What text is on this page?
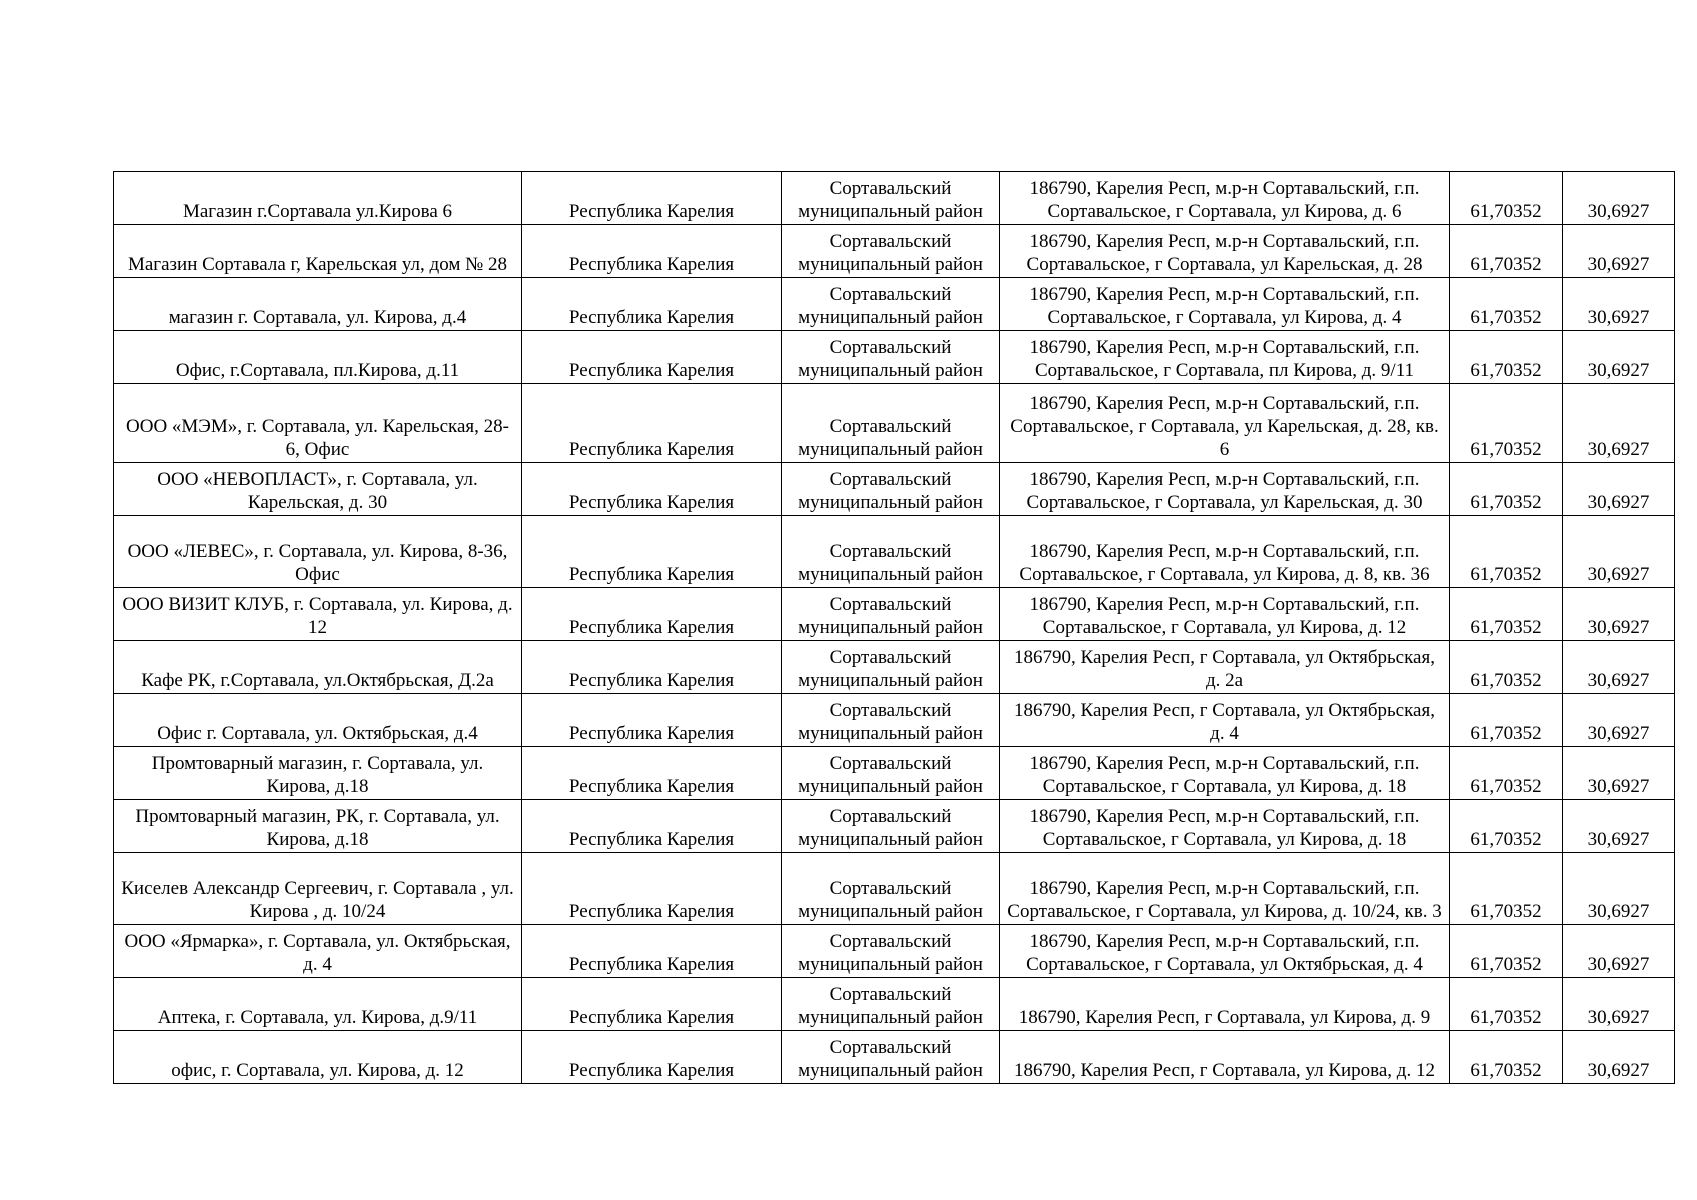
Магазин г.Сортавала ул.Кирова 6	Республика Карелия	Сортавальский муниципальный район	186790, Карелия Респ, м.р-н Сортавальский, г.п. Сортавальское, г Сортавала, ул Кирова, д. 6	61,70352	30,6927
Магазин Сортавала г, Карельская ул, дом № 28	Республика Карелия	Сортавальский муниципальный район	186790, Карелия Респ, м.р-н Сортавальский, г.п. Сортавальское, г Сортавала, ул Карельская, д. 28	61,70352	30,6927
магазин г. Сортавала, ул. Кирова, д.4	Республика Карелия	Сортавальский муниципальный район	186790, Карелия Респ, м.р-н Сортавальский, г.п. Сортавальское, г Сортавала, ул Кирова, д. 4	61,70352	30,6927
Офис, г.Сортавала, пл.Кирова, д.11	Республика Карелия	Сортавальский муниципальный район	186790, Карелия Респ, м.р-н Сортавальский, г.п. Сортавальское, г Сортавала, пл Кирова, д. 9/11	61,70352	30,6927
ООО «МЭМ», г. Сортавала, ул. Карельская, 28-6, Офис	Республика Карелия	Сортавальский муниципальный район	186790, Карелия Респ, м.р-н Сортавальский, г.п. Сортавальское, г Сортавала, ул Карельская, д. 28, кв. 6	61,70352	30,6927
ООО «НЕВОПЛАСТ», г. Сортавала, ул. Карельская, д. 30	Республика Карелия	Сортавальский муниципальный район	186790, Карелия Респ, м.р-н Сортавальский, г.п. Сортавальское, г Сортавала, ул Карельская, д. 30	61,70352	30,6927
ООО «ЛЕВЕС», г. Сортавала, ул. Кирова, 8-36, Офис	Республика Карелия	Сортавальский муниципальный район	186790, Карелия Респ, м.р-н Сортавальский, г.п. Сортавальское, г Сортавала, ул Кирова, д. 8, кв. 36	61,70352	30,6927
ООО ВИЗИТ КЛУБ, г. Сортавала, ул. Кирова, д. 12	Республика Карелия	Сортавальский муниципальный район	186790, Карелия Респ, м.р-н Сортавальский, г.п. Сортавальское, г Сортавала, ул Кирова, д. 12	61,70352	30,6927
Кафе РК, г.Сортавала, ул.Октябрьская, Д.2а	Республика Карелия	Сортавальский муниципальный район	186790, Карелия Респ, г Сортавала, ул Октябрьская, д. 2а	61,70352	30,6927
Офис г. Сортавала, ул. Октябрьская, д.4	Республика Карелия	Сортавальский муниципальный район	186790, Карелия Респ, г Сортавала, ул Октябрьская, д. 4	61,70352	30,6927
Промтоварный магазин, г. Сортавала, ул. Кирова, д.18	Республика Карелия	Сортавальский муниципальный район	186790, Карелия Респ, м.р-н Сортавальский, г.п. Сортавальское, г Сортавала, ул Кирова, д. 18	61,70352	30,6927
Промтоварный магазин, РК, г. Сортавала, ул. Кирова, д.18	Республика Карелия	Сортавальский муниципальный район	186790, Карелия Респ, м.р-н Сортавальский, г.п. Сортавальское, г Сортавала, ул Кирова, д. 18	61,70352	30,6927
Киселев Александр Сергеевич, г. Сортавала , ул. Кирова , д. 10/24	Республика Карелия	Сортавальский муниципальный район	186790, Карелия Респ, м.р-н Сортавальский, г.п. Сортавальское, г Сортавала, ул Кирова, д. 10/24, кв. 3	61,70352	30,6927
ООО «Ярмарка», г. Сортавала, ул. Октябрьская, д. 4	Республика Карелия	Сортавальский муниципальный район	186790, Карелия Респ, м.р-н Сортавальский, г.п. Сортавальское, г Сортавала, ул Октябрьская, д. 4	61,70352	30,6927
Аптека, г. Сортавала, ул. Кирова, д.9/11	Республика Карелия	Сортавальский муниципальный район	186790, Карелия Респ, г Сортавала, ул Кирова, д. 9	61,70352	30,6927
офис, г. Сортавала, ул. Кирова, д. 12	Республика Карелия	Сортавальский муниципальный район	186790, Карелия Респ, г Сортавала, ул Кирова, д. 12	61,70352	30,6927
